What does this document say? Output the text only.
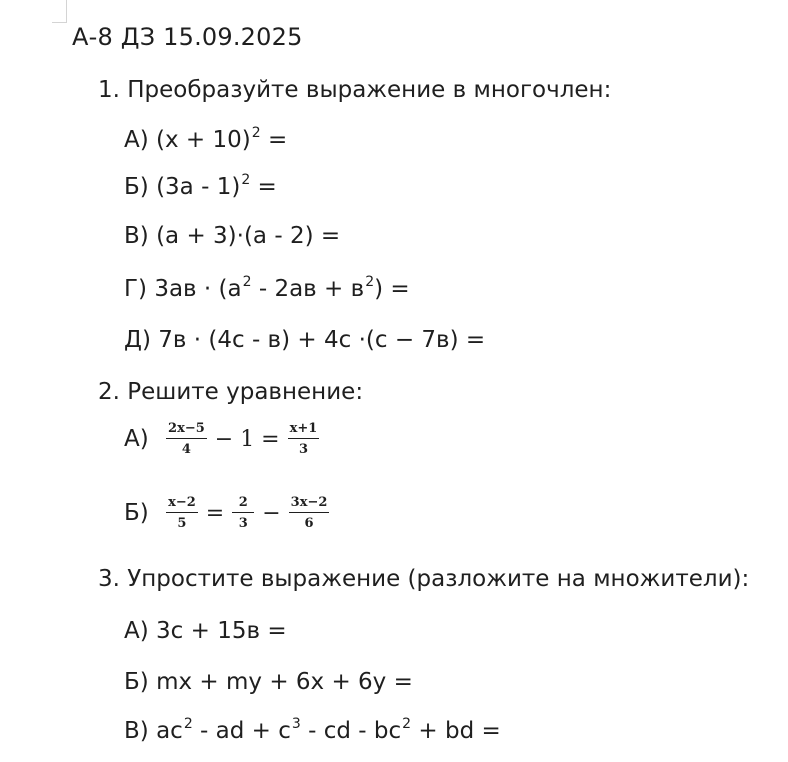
А-8 ДЗ 15.09.2025
1. Преобразуйте выражение в многочлен:
А) $(x + 10)^2$ =
Б) (3a - 1)$^2$ =
В) (a + 3)·(a - 2) =
Г) $3ав \cdot (а^2 - 2ав + в^2)$ =
Д) 7в · (4с - в) + 4с ·(с − 7в) =
2. Решите уравнение:
$А) \frac{2x-5}{4} - 1 = \frac{x+1}{3}$
$Б) \frac{x-2}{5} = \frac{2}{3} - \frac{3x-2}{6}$
3. Упростите выражение (разложите на множители):
А) 3с + 15в =
Б) mx + my + 6x + 6y =
В) $ac^2$ - ad + $c^3$ - cd - $bc^2$ + bd =
